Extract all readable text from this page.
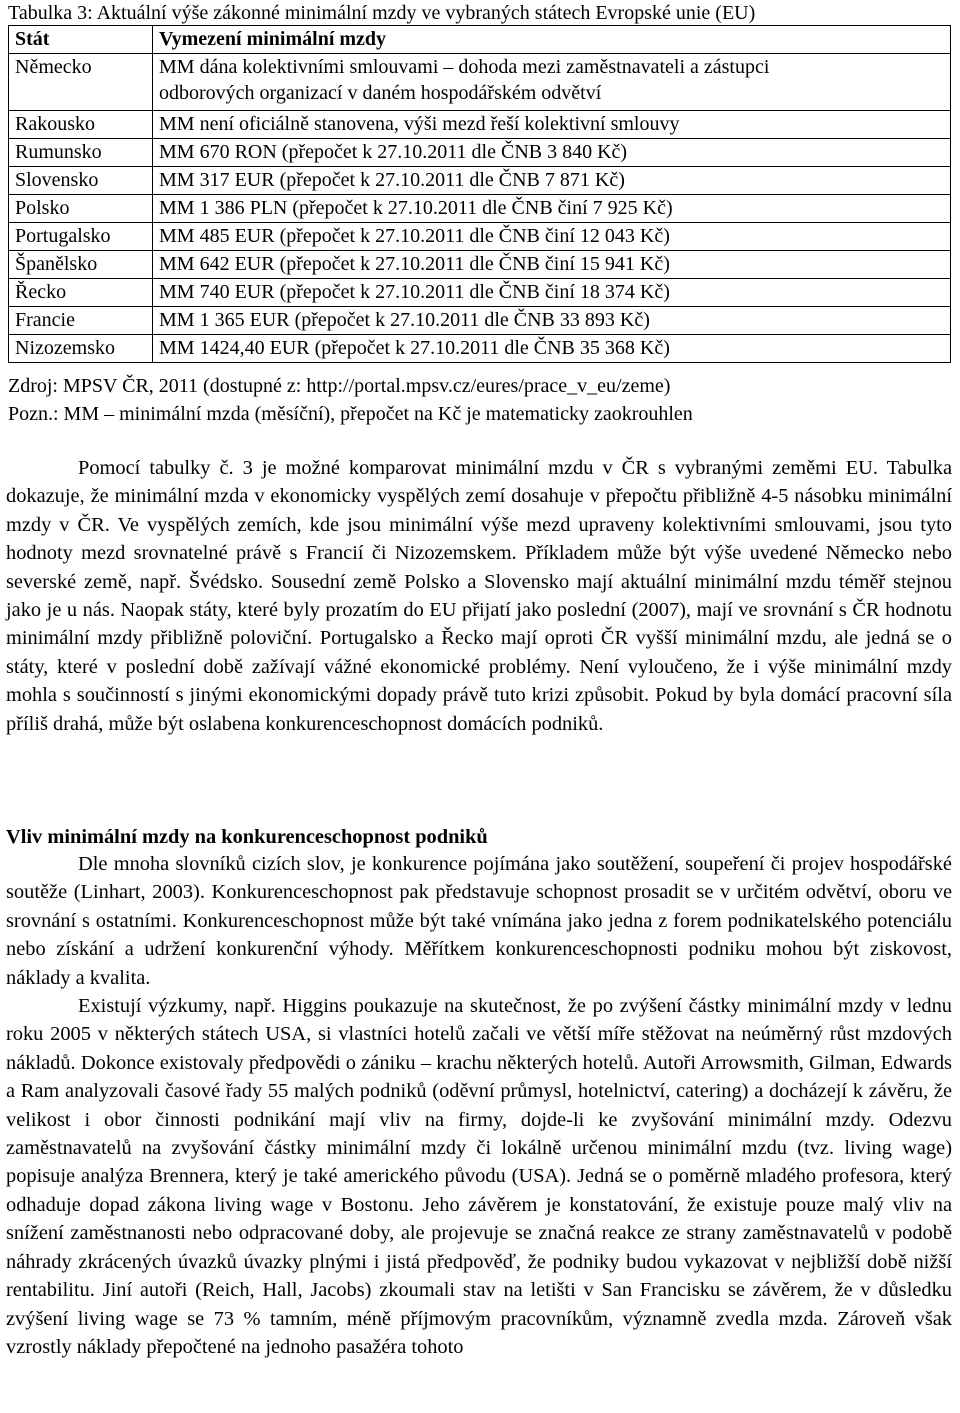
Tabulka 3: Aktuální výše zákonné minimální mzdy ve vybraných státech Evropské unie (EU)
Stát	Vymezení minimální mzdy
Německo	MM dána kolektivními smlouvami – dohoda mezi zaměstnavateli a zástupci
odborových organizací v daném hospodářském odvětví
Rakousko	MM není oficiálně stanovena, výši mezd řeší kolektivní smlouvy
Rumunsko	MM 670 RON (přepočet k 27.10.2011 dle ČNB 3 840 Kč)
Slovensko	MM 317 EUR (přepočet k 27.10.2011 dle ČNB 7 871 Kč)
Polsko	MM 1 386 PLN (přepočet k 27.10.2011 dle ČNB činí 7 925 Kč)
Portugalsko	MM 485 EUR (přepočet k 27.10.2011 dle ČNB činí 12 043 Kč)
Španělsko	MM 642 EUR (přepočet k 27.10.2011 dle ČNB činí 15 941 Kč)
Řecko	MM 740 EUR (přepočet k 27.10.2011 dle ČNB činí 18 374 Kč)
Francie	MM 1 365 EUR (přepočet k 27.10.2011 dle ČNB 33 893 Kč)
Nizozemsko	MM 1424,40 EUR (přepočet k 27.10.2011 dle ČNB 35 368 Kč)
Zdroj: MPSV ČR, 2011 (dostupné z: http://portal.mpsv.cz/eures/prace_v_eu/zeme)
Pozn.: MM – minimální mzda (měsíční), přepočet na Kč je matematicky zaokrouhlen

Pomocí tabulky č. 3 je možné komparovat minimální mzdu v ČR s vybranými zeměmi EU. Tabulka dokazuje, že minimální mzda v ekonomicky vyspělých zemí dosahuje v přepočtu přibližně 4-5 násobku minimální mzdy v ČR. Ve vyspělých zemích, kde jsou minimální výše mezd upraveny kolektivními smlouvami, jsou tyto hodnoty mezd srovnatelné právě s Francií či Nizozemskem. Příkladem může být výše uvedené Německo nebo severské země, např. Švédsko. Sousední země Polsko a Slovensko mají aktuální minimální mzdu téměř stejnou jako je u nás. Naopak státy, které byly prozatím do EU přijatí jako poslední (2007), mají ve srovnání s ČR hodnotu minimální mzdy přibližně poloviční. Portugalsko a Řecko mají oproti ČR vyšší minimální mzdu, ale jedná se o státy, které v poslední době zažívají vážné ekonomické problémy. Není vyloučeno, že i výše minimální mzdy mohla s součinností s jinými ekonomickými dopady právě tuto krizi způsobit. Pokud by byla domácí pracovní síla příliš drahá, může být oslabena konkurenceschopnost domácích podniků.

Vliv minimální mzdy na konkurenceschopnost podniků

Dle mnoha slovníků cizích slov, je konkurence pojímána jako soutěžení, soupeření či projev hospodářské soutěže (Linhart, 2003). Konkurenceschopnost pak představuje schopnost prosadit se v určitém odvětví, oboru ve srovnání s ostatními. Konkurenceschopnost může být také vnímána jako jedna z forem podnikatelského potenciálu nebo získání a udržení konkurenční výhody. Měřítkem konkurenceschopnosti podniku mohou být ziskovost, náklady a kvalita.

Existují výzkumy, např. Higgins poukazuje na skutečnost, že po zvýšení částky minimální mzdy v lednu roku 2005 v některých státech USA, si vlastníci hotelů začali ve větší míře stěžovat na neúměrný růst mzdových nákladů. Dokonce existovaly předpovědi o zániku – krachu některých hotelů. Autoři Arrowsmith, Gilman, Edwards a Ram analyzovali časové řady 55 malých podniků (oděvní průmysl, hotelnictví, catering) a docházejí k závěru, že velikost i obor činnosti podnikání mají vliv na firmy, dojde-li ke zvyšování minimální mzdy. Odezvu zaměstnavatelů na zvyšování částky minimální mzdy či lokálně určenou minimální mzdu (tvz. living wage) popisuje analýza Brennera, který je také amerického původu (USA). Jedná se o poměrně mladého profesora, který odhaduje dopad zákona living wage v Bostonu. Jeho závěrem je konstatování, že existuje pouze malý vliv na snížení zaměstnanosti nebo odpracované doby, ale projevuje se značná reakce ze strany zaměstnavatelů v podobě náhrady zkrácených úvazků úvazky plnými i jistá předpověď, že podniky budou vykazovat v nejbližší době nižší rentabilitu. Jiní autoři (Reich, Hall, Jacobs) zkoumali stav na letišti v San Francisku se závěrem, že v důsledku zvýšení living wage se 73 % tamním, méně příjmovým pracovníkům, významně zvedla mzda. Zároveň však vzrostly náklady přepočtené na jednoho pasažéra tohoto
